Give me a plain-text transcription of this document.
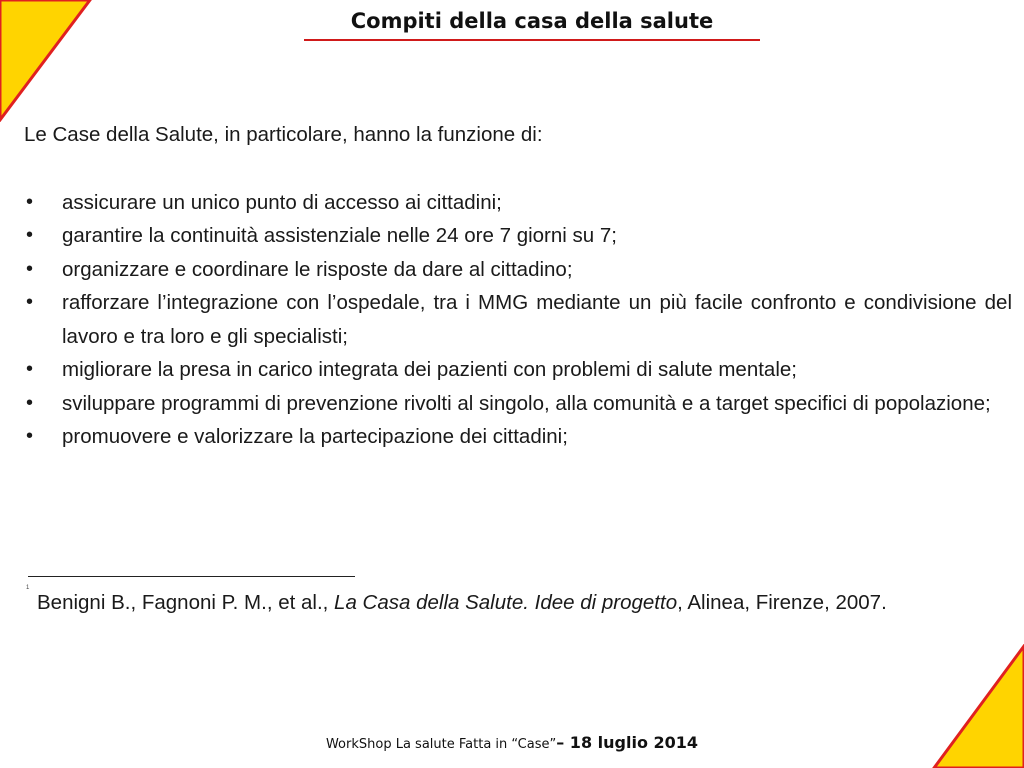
Compiti della casa della salute
Le Case della Salute, in particolare, hanno la funzione di:
• assicurare un unico punto di accesso ai cittadini;
• garantire la continuità assistenziale nelle 24 ore 7 giorni su 7;
• organizzare e coordinare le risposte da dare al cittadino;
• rafforzare l’integrazione con l’ospedale, tra i MMG mediante un più facile confronto e condivisione del lavoro e tra loro e gli specialisti;
• migliorare la presa in carico integrata dei pazienti con problemi di salute mentale;
• sviluppare programmi di prevenzione rivolti al singolo, alla comunità e a target specifici di popolazione;
• promuovere e valorizzare la partecipazione dei cittadini;
1
Benigni B., Fagnoni P. M., et al., La Casa della Salute. Idee di progetto, Alinea, Firenze, 2007.
WorkShop La salute Fatta in “Case”– 18 luglio 2014
